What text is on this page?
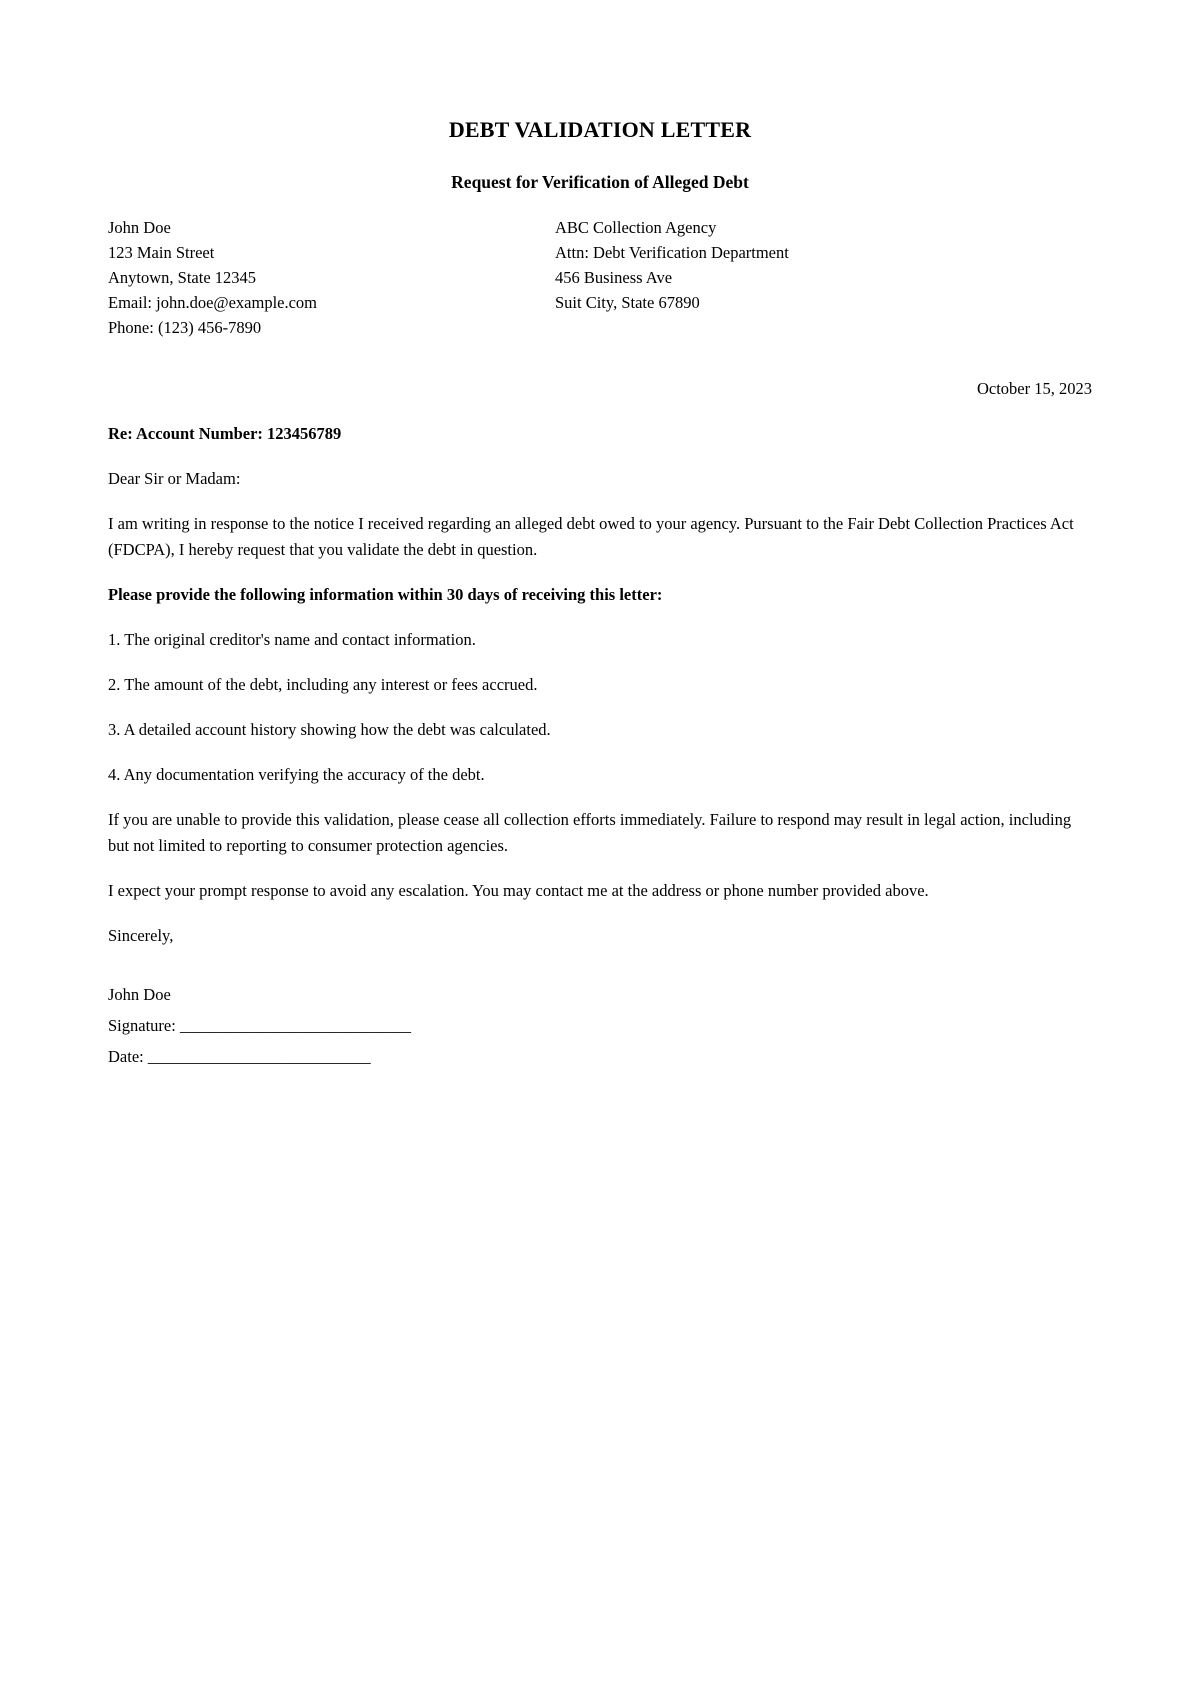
DEBT VALIDATION LETTER
Request for Verification of Alleged Debt
John Doe
123 Main Street
Anytown, State 12345
Email: john.doe@example.com
Phone: (123) 456-7890
ABC Collection Agency
Attn: Debt Verification Department
456 Business Ave
Suit City, State 67890

October 15, 2023

Re: Account Number: 123456789

Dear Sir or Madam:

I am writing in response to the notice I received regarding an alleged debt owed to your agency. Pursuant to the Fair Debt Collection Practices Act (FDCPA), I hereby request that you validate the debt in question.

Please provide the following information within 30 days of receiving this letter:

1. The original creditor's name and contact information.

2. The amount of the debt, including any interest or fees accrued.

3. A detailed account history showing how the debt was calculated.

4. Any documentation verifying the accuracy of the debt.

If you are unable to provide this validation, please cease all collection efforts immediately. Failure to respond may result in legal action, including but not limited to reporting to consumer protection agencies.

I expect your prompt response to avoid any escalation. You may contact me at the address or phone number provided above.

Sincerely,

John Doe
Signature: ____________________________
Date: ___________________________
